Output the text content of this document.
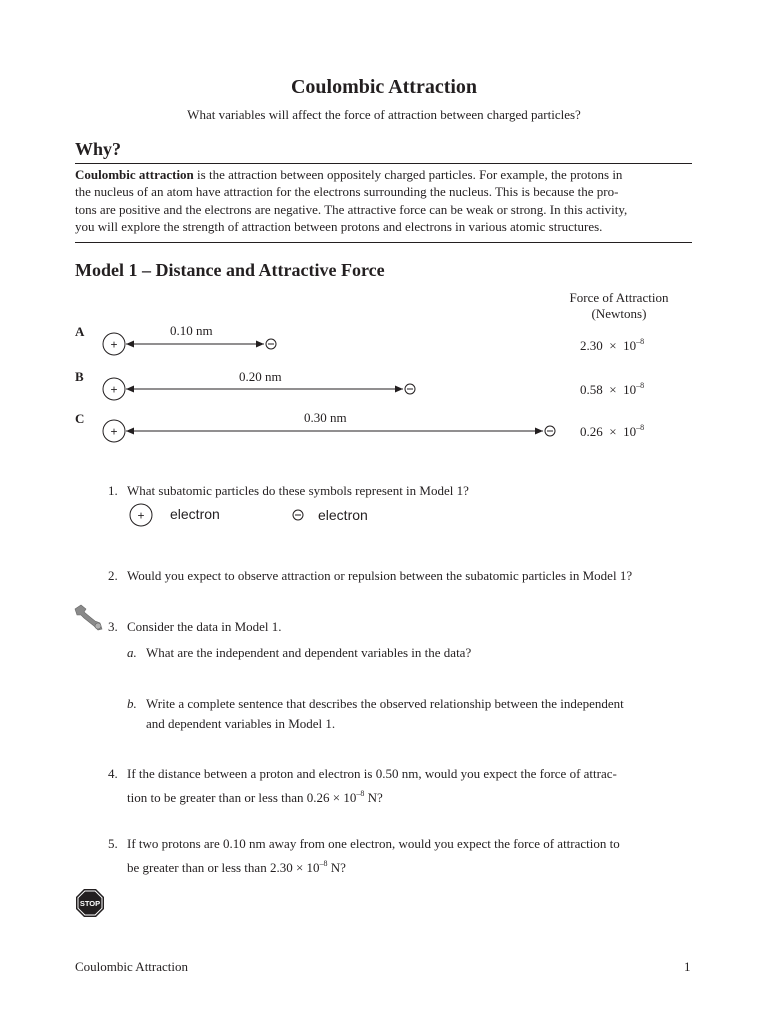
Coulombic Attraction
What variables will affect the force of attraction between charged particles?
Why?
Coulombic attraction is the attraction between oppositely charged particles. For example, the protons in
the nucleus of an atom have attraction for the electrons surrounding the nucleus. This is because the pro-
tons are positive and the electrons are negative. The attractive force can be weak or strong. In this activity,
you will explore the strength of attraction between protons and electrons in various atomic structures.
Model 1 – Distance and Attractive Force
Force of Attraction
(Newtons)
A
B
C
0.10 nm
0.20 nm
0.30 nm
+
+
+
$2.30 \times 10^{-8}$
$0.58 \times 10^{-8}$
$0.26 \times 10^{-8}$
1. What subatomic particles do these symbols represent in Model 1?
+ electron	electron
2. Would you expect to observe attraction or repulsion between the subatomic particles in Model 1?
3. Consider the data in Model 1.
a. What are the independent and dependent variables in the data?
b. Write a complete sentence that describes the observed relationship between the independent
and dependent variables in Model 1.
4. If the distance between a proton and electron is 0.50 nm, would you expect the force of attrac-
tion to be greater than or less than $0.26 \times 10^{-8}$ N?
5. If two protons are 0.10 nm away from one electron, would you expect the force of attraction to
be greater than or less than $2.30 \times 10^{-8}$ N?
STOP
Coulombic Attraction	1
